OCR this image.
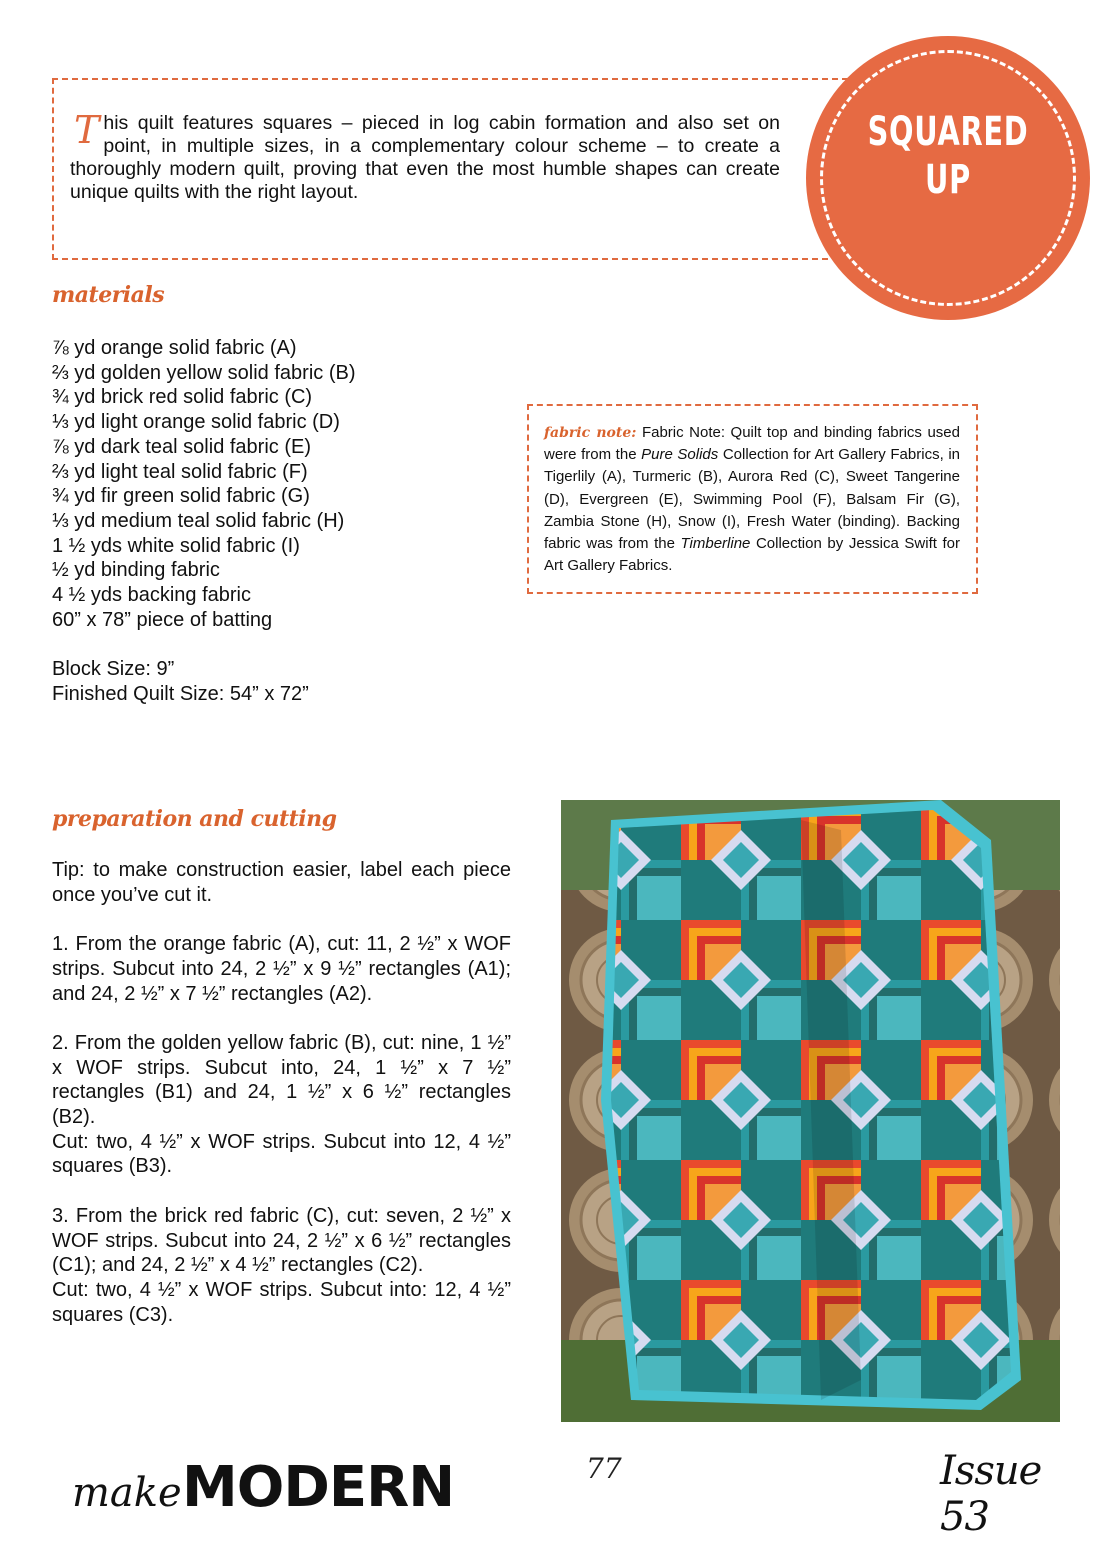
This quilt features squares – pieced in log cabin formation and also set on point, in multiple sizes, in a complementary colour scheme – to create a thoroughly modern quilt, proving that even the most humble shapes can create unique quilts with the right layout.
SQUARED
UP
materials
⅞ yd orange solid fabric (A)
⅔ yd golden yellow solid fabric (B)
¾ yd brick red solid fabric (C)
⅓ yd light orange solid fabric (D)
⅞ yd dark teal solid fabric (E)
⅔ yd light teal solid fabric (F)
¾ yd fir green solid fabric (G)
⅓ yd medium teal solid fabric (H)
1 ½ yds white solid fabric (I)
½ yd binding fabric
4 ½ yds backing fabric
60” x 78” piece of batting
Block Size: 9”
Finished Quilt Size: 54” x 72”
fabric note: Fabric Note: Quilt top and binding fabrics used were from the Pure Solids Collection for Art Gallery Fabrics, in Tigerlily (A), Turmeric (B), Aurora Red (C), Sweet Tangerine (D), Evergreen (E), Swimming Pool (F), Balsam Fir (G), Zambia Stone (H), Snow (I), Fresh Water (binding). Backing fabric was from the Timberline Collection by Jessica Swift for Art Gallery Fabrics.
preparation and cutting

Tip: to make construction easier, label each piece once you’ve cut it.

1. From the orange fabric (A), cut: 11, 2 ½” x WOF strips. Subcut into 24, 2 ½” x 9 ½” rectangles (A1); and 24, 2 ½” x 7 ½” rectangles (A2).

2. From the golden yellow fabric (B), cut: nine, 1 ½” x WOF strips. Subcut into, 24, 1 ½” x 7 ½” rectangles (B1) and 24, 1 ½” x 6 ½” rectangles (B2).

Cut: two, 4 ½” x WOF strips. Subcut into 12, 4 ½” squares (B3).

3. From the brick red fabric (C), cut: seven, 2 ½” x WOF strips. Subcut into 24, 2 ½” x 6 ½” rectangles (C1); and 24, 2 ½” x 4 ½” rectangles (C2).

Cut: two, 4 ½” x WOF strips. Subcut into: 12, 4 ½” squares (C3).

make MODERN	77	Issue 53
